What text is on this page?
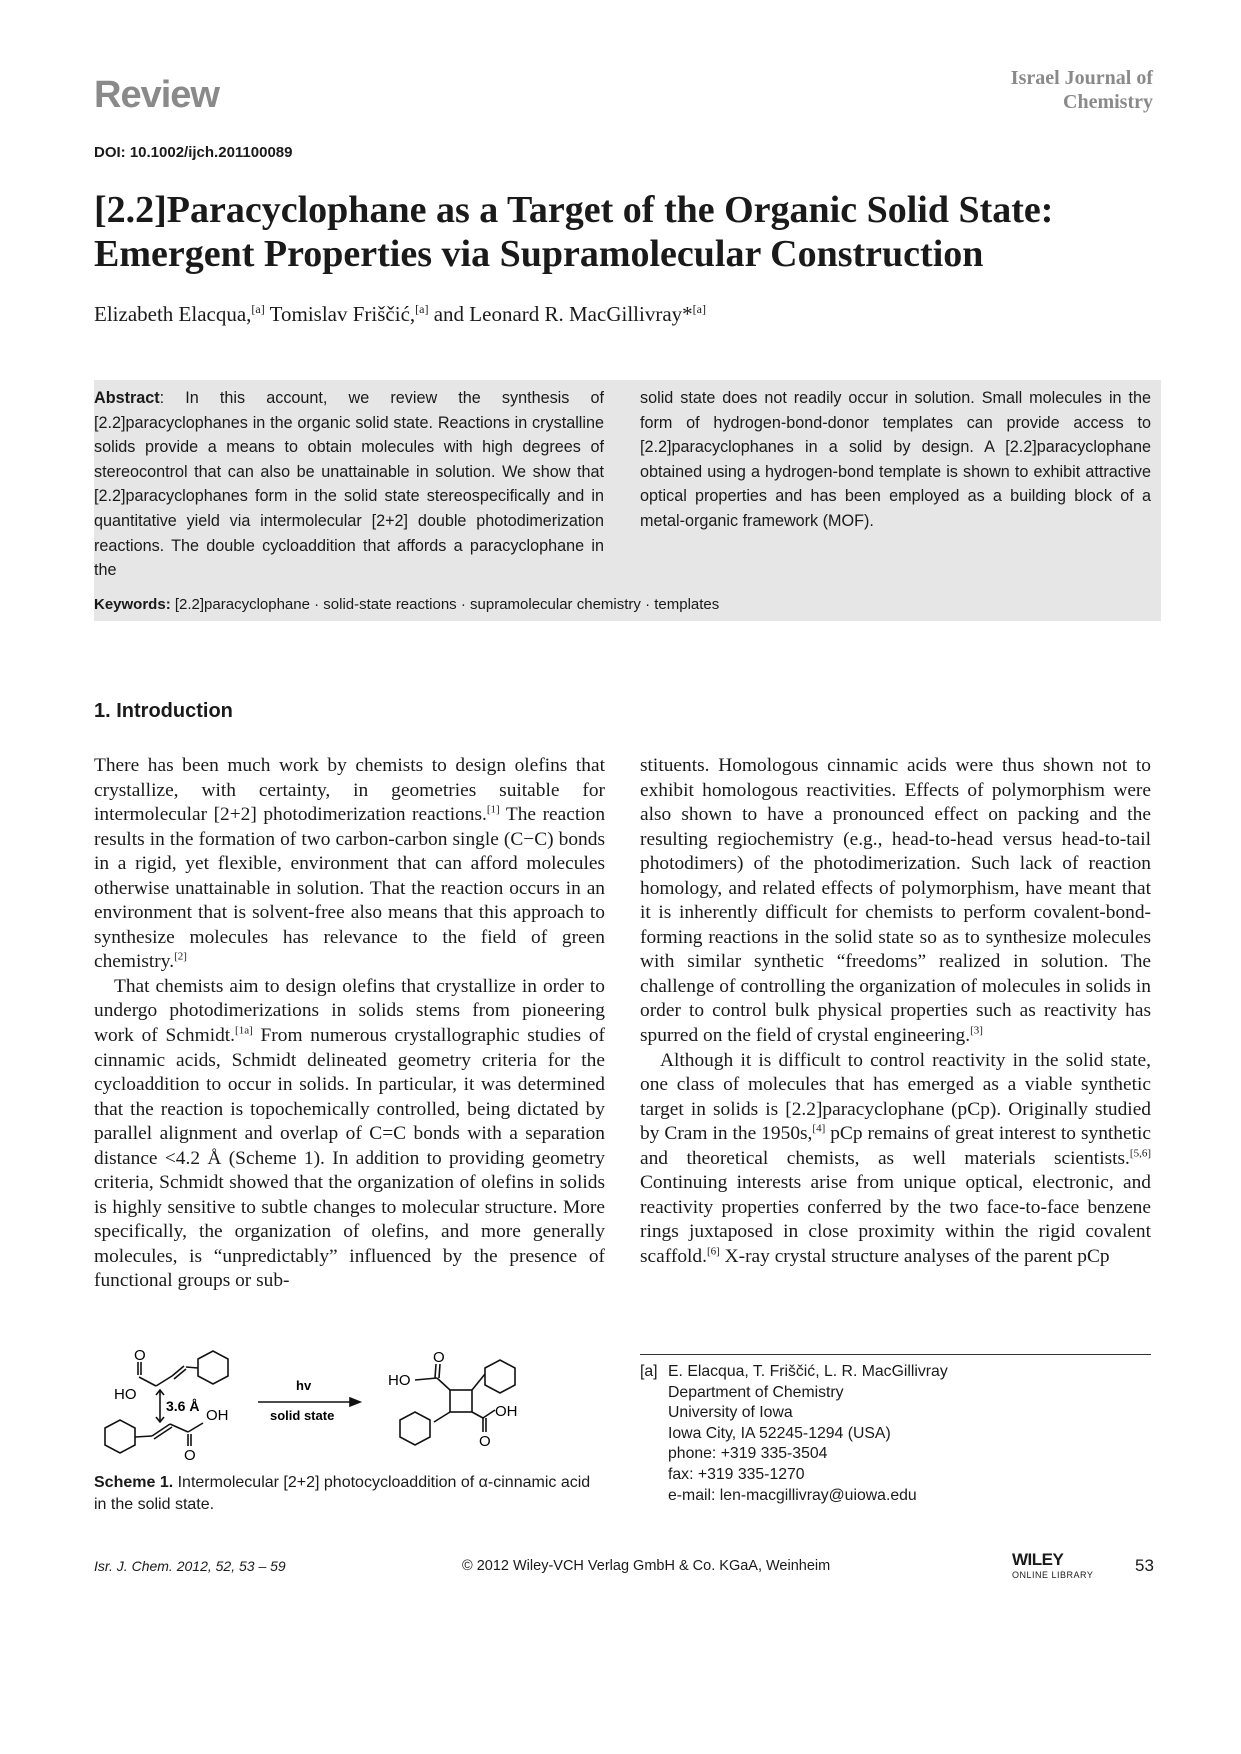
Review	Israel Journal of Chemistry
DOI: 10.1002/ijch.201100089
[2.2]Paracyclophane as a Target of the Organic Solid State: Emergent Properties via Supramolecular Construction
Elizabeth Elacqua,[a] Tomislav Friščić,[a] and Leonard R. MacGillivray*[a]
Abstract: In this account, we review the synthesis of [2.2]paracyclophanes in the organic solid state. Reactions in crystalline solids provide a means to obtain molecules with high degrees of stereocontrol that can also be unattainable in solution. We show that [2.2]paracyclophanes form in the solid state stereospecifically and in quantitative yield via intermolecular [2+2] double photodimerization reactions. The double cycloaddition that affords a paracyclophane in the
solid state does not readily occur in solution. Small molecules in the form of hydrogen-bond-donor templates can provide access to [2.2]paracyclophanes in a solid by design. A [2.2]paracyclophane obtained using a hydrogen-bond template is shown to exhibit attractive optical properties and has been employed as a building block of a metal-organic framework (MOF).
Keywords: [2.2]paracyclophane · solid-state reactions · supramolecular chemistry · templates
1. Introduction

There has been much work by chemists to design olefins that crystallize, with certainty, in geometries suitable for intermolecular [2+2] photodimerization reactions.[1] The reaction results in the formation of two carbon-carbon single (C−C) bonds in a rigid, yet flexible, environment that can afford molecules otherwise unattainable in solution. That the reaction occurs in an environment that is solvent-free also means that this approach to synthesize molecules has relevance to the field of green chemistry.[2]

That chemists aim to design olefins that crystallize in order to undergo photodimerizations in solids stems from pioneering work of Schmidt.[1a] From numerous crystallographic studies of cinnamic acids, Schmidt delineated geometry criteria for the cycloaddition to occur in solids. In particular, it was determined that the reaction is topochemically controlled, being dictated by parallel alignment and overlap of C=C bonds with a separation distance <4.2 Å (Scheme 1). In addition to providing geometry criteria, Schmidt showed that the organization of olefins in solids is highly sensitive to subtle changes to molecular structure. More specifically, the organization of olefins, and more generally molecules, is “unpredictably” influenced by the presence of functional groups or sub-

stituents. Homologous cinnamic acids were thus shown not to exhibit homologous reactivities. Effects of polymorphism were also shown to have a pronounced effect on packing and the resulting regiochemistry (e.g., head-to-head versus head-to-tail photodimers) of the photodimerization. Such lack of reaction homology, and related effects of polymorphism, have meant that it is inherently difficult for chemists to perform covalent-bond-forming reactions in the solid state so as to synthesize molecules with similar synthetic “freedoms” realized in solution. The challenge of controlling the organization of molecules in solids in order to control bulk physical properties such as reactivity has spurred on the field of crystal engineering.[3]

Although it is difficult to control reactivity in the solid state, one class of molecules that has emerged as a viable synthetic target in solids is [2.2]paracyclophane (pCp). Originally studied by Cram in the 1950s,[4] pCp remains of great interest to synthetic and theoretical chemists, as well materials scientists.[5,6] Continuing interests arise from unique optical, electronic, and reactivity properties conferred by the two face-to-face benzene rings juxtaposed in close proximity within the rigid covalent scaffold.[6] X-ray crystal structure analyses of the parent pCp

HO
O
3.6 Å
OH
O
hv
solid state
HO
O
OH
O
Scheme 1. Intermolecular [2+2] photocycloaddition of α-cinnamic acid in the solid state.
[a] E. Elacqua, T. Friščić, L. R. MacGillivray
Department of Chemistry
University of Iowa
Iowa City, IA 52245-1294 (USA)
phone: +319 335-3504
fax: +319 335-1270
e-mail: len-macgillivray@uiowa.edu
Isr. J. Chem. 2012, 52, 53 – 59	© 2012 Wiley-VCH Verlag GmbH & Co. KGaA, Weinheim	WILEY
ONLINE LIBRARY 53
